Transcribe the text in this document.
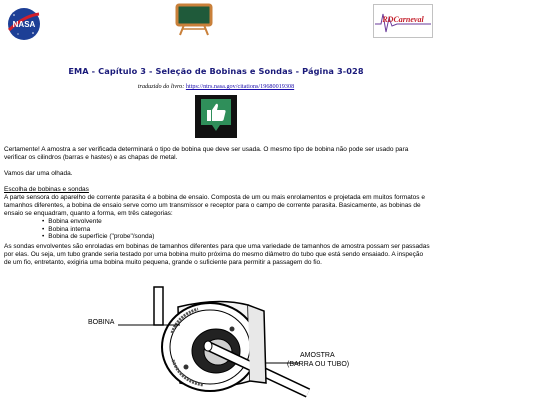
NASA
RDCarneval
EMA - Capítulo 3 - Seleção de Bobinas e Sondas - Página 3-028
traduzido do livro: https://ntrs.nasa.gov/citations/19680019308
Certamente! A amostra a ser verificada determinará o tipo de bobina que deve ser usada. O mesmo tipo de bobina não pode ser usado para verificar os cilindros (barras e hastes) e as chapas de metal.
Vamos dar uma olhada.
Escolha de bobinas e sondas
A parte sensora do aparelho de corrente parasita é a bobina de ensaio. Composta de um ou mais enrolamentos e projetada em muitos formatos e tamanhos diferentes, a bobina de ensaio serve como um transmissor e receptor para o campo de corrente parasita. Basicamente, as bobinas de ensaio se enquadram, quanto a forma, em três categorias:
• Bobina envolvente
• Bobina interna
• Bobina de superfície ("probe"/sonda)
As sondas envolventes são enroladas em bobinas de tamanhos diferentes para que uma variedade de tamanhos de amostra possam ser passadas por elas. Ou seja, um tubo grande seria testado por uma bobina muito próxima do mesmo diâmetro do tubo que está sendo ensaiado. A inspeção de um fio, entretanto, exigiria uma bobina muito pequena, grande o suficiente para permitir a passagem do fio.
BOBINA
AMOSTRA
(BARRA OU TUBO)
